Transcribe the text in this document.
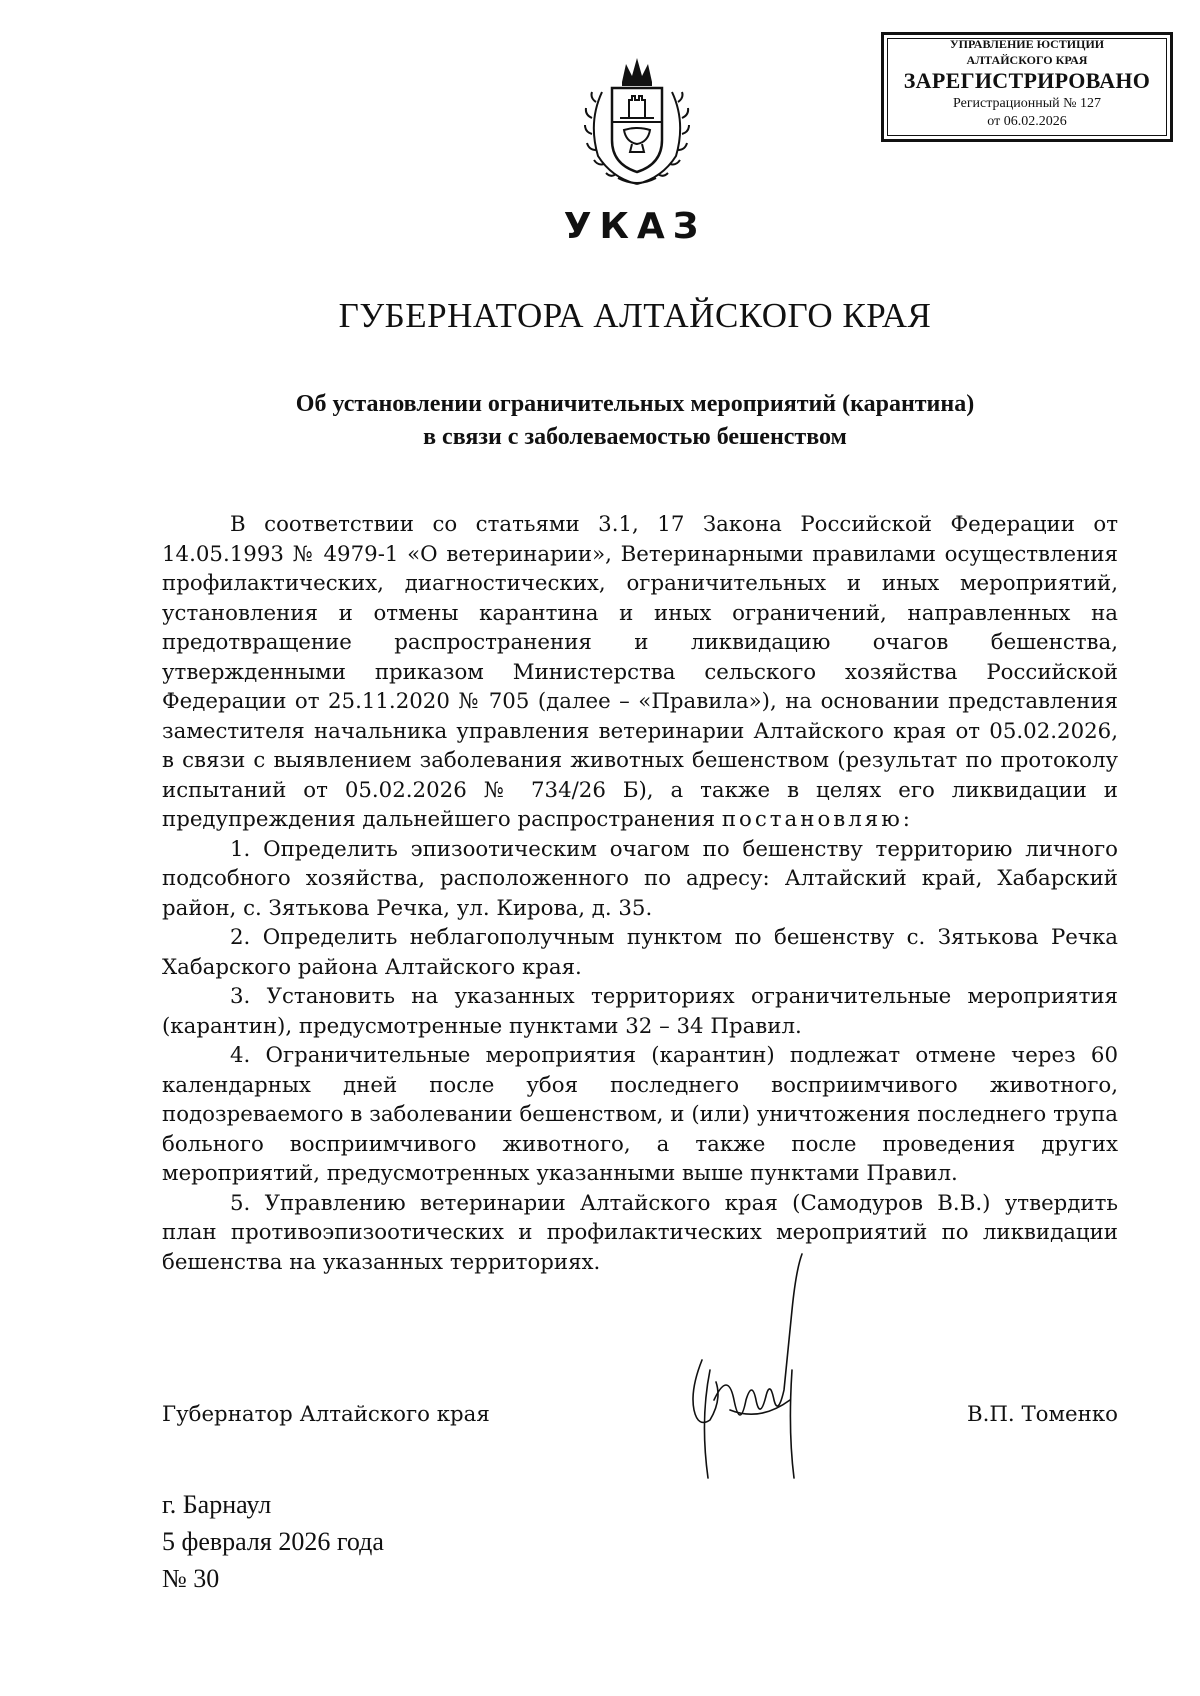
УПРАВЛЕНИЕ ЮСТИЦИИ
АЛТАЙСКОГО КРАЯ
ЗАРЕГИСТРИРОВАНО
Регистрационный № 127
от 06.02.2026
УКАЗ
ГУБЕРНАТОРА АЛТАЙСКОГО КРАЯ
Об установлении ограничительных мероприятий (карантина)
в связи с заболеваемостью бешенством

В соответствии со статьями 3.1, 17 Закона Российской Федерации от 14.05.1993 № 4979-1 «О ветеринарии», Ветеринарными правилами осуществления профилактических, диагностических, ограничительных и иных мероприятий, установления и отмены карантина и иных ограничений, направленных на предотвращение распространения и ликвидацию очагов бешенства, утвержденными приказом Министерства сельского хозяйства Российской Федерации от 25.11.2020 № 705 (далее – «Правила»), на основании представления заместителя начальника управления ветеринарии Алтайского края от 05.02.2026, в связи с выявлением заболевания животных бешенством (результат по протоколу испытаний от 05.02.2026 № 734/26 Б), а также в целях его ликвидации и предупреждения дальнейшего распространения постановляю:

1. Определить эпизоотическим очагом по бешенству территорию личного подсобного хозяйства, расположенного по адресу: Алтайский край, Хабарский район, с. Зятькова Речка, ул. Кирова, д. 35.

2. Определить неблагополучным пунктом по бешенству с. Зятькова Речка Хабарского района Алтайского края.

3. Установить на указанных территориях ограничительные мероприятия (карантин), предусмотренные пунктами 32 – 34 Правил.

4. Ограничительные мероприятия (карантин) подлежат отмене через 60 календарных дней после убоя последнего восприимчивого животного, подозреваемого в заболевании бешенством, и (или) уничтожения последнего трупа больного восприимчивого животного, а также после проведения других мероприятий, предусмотренных указанными выше пунктами Правил.

5. Управлению ветеринарии Алтайского края (Самодуров В.В.) утвердить план противоэпизоотических и профилактических мероприятий по ликвидации бешенства на указанных территориях.

Губернатор Алтайского края	В.П. Томенко
г. Барнаул
5 февраля 2026 года
№ 30
